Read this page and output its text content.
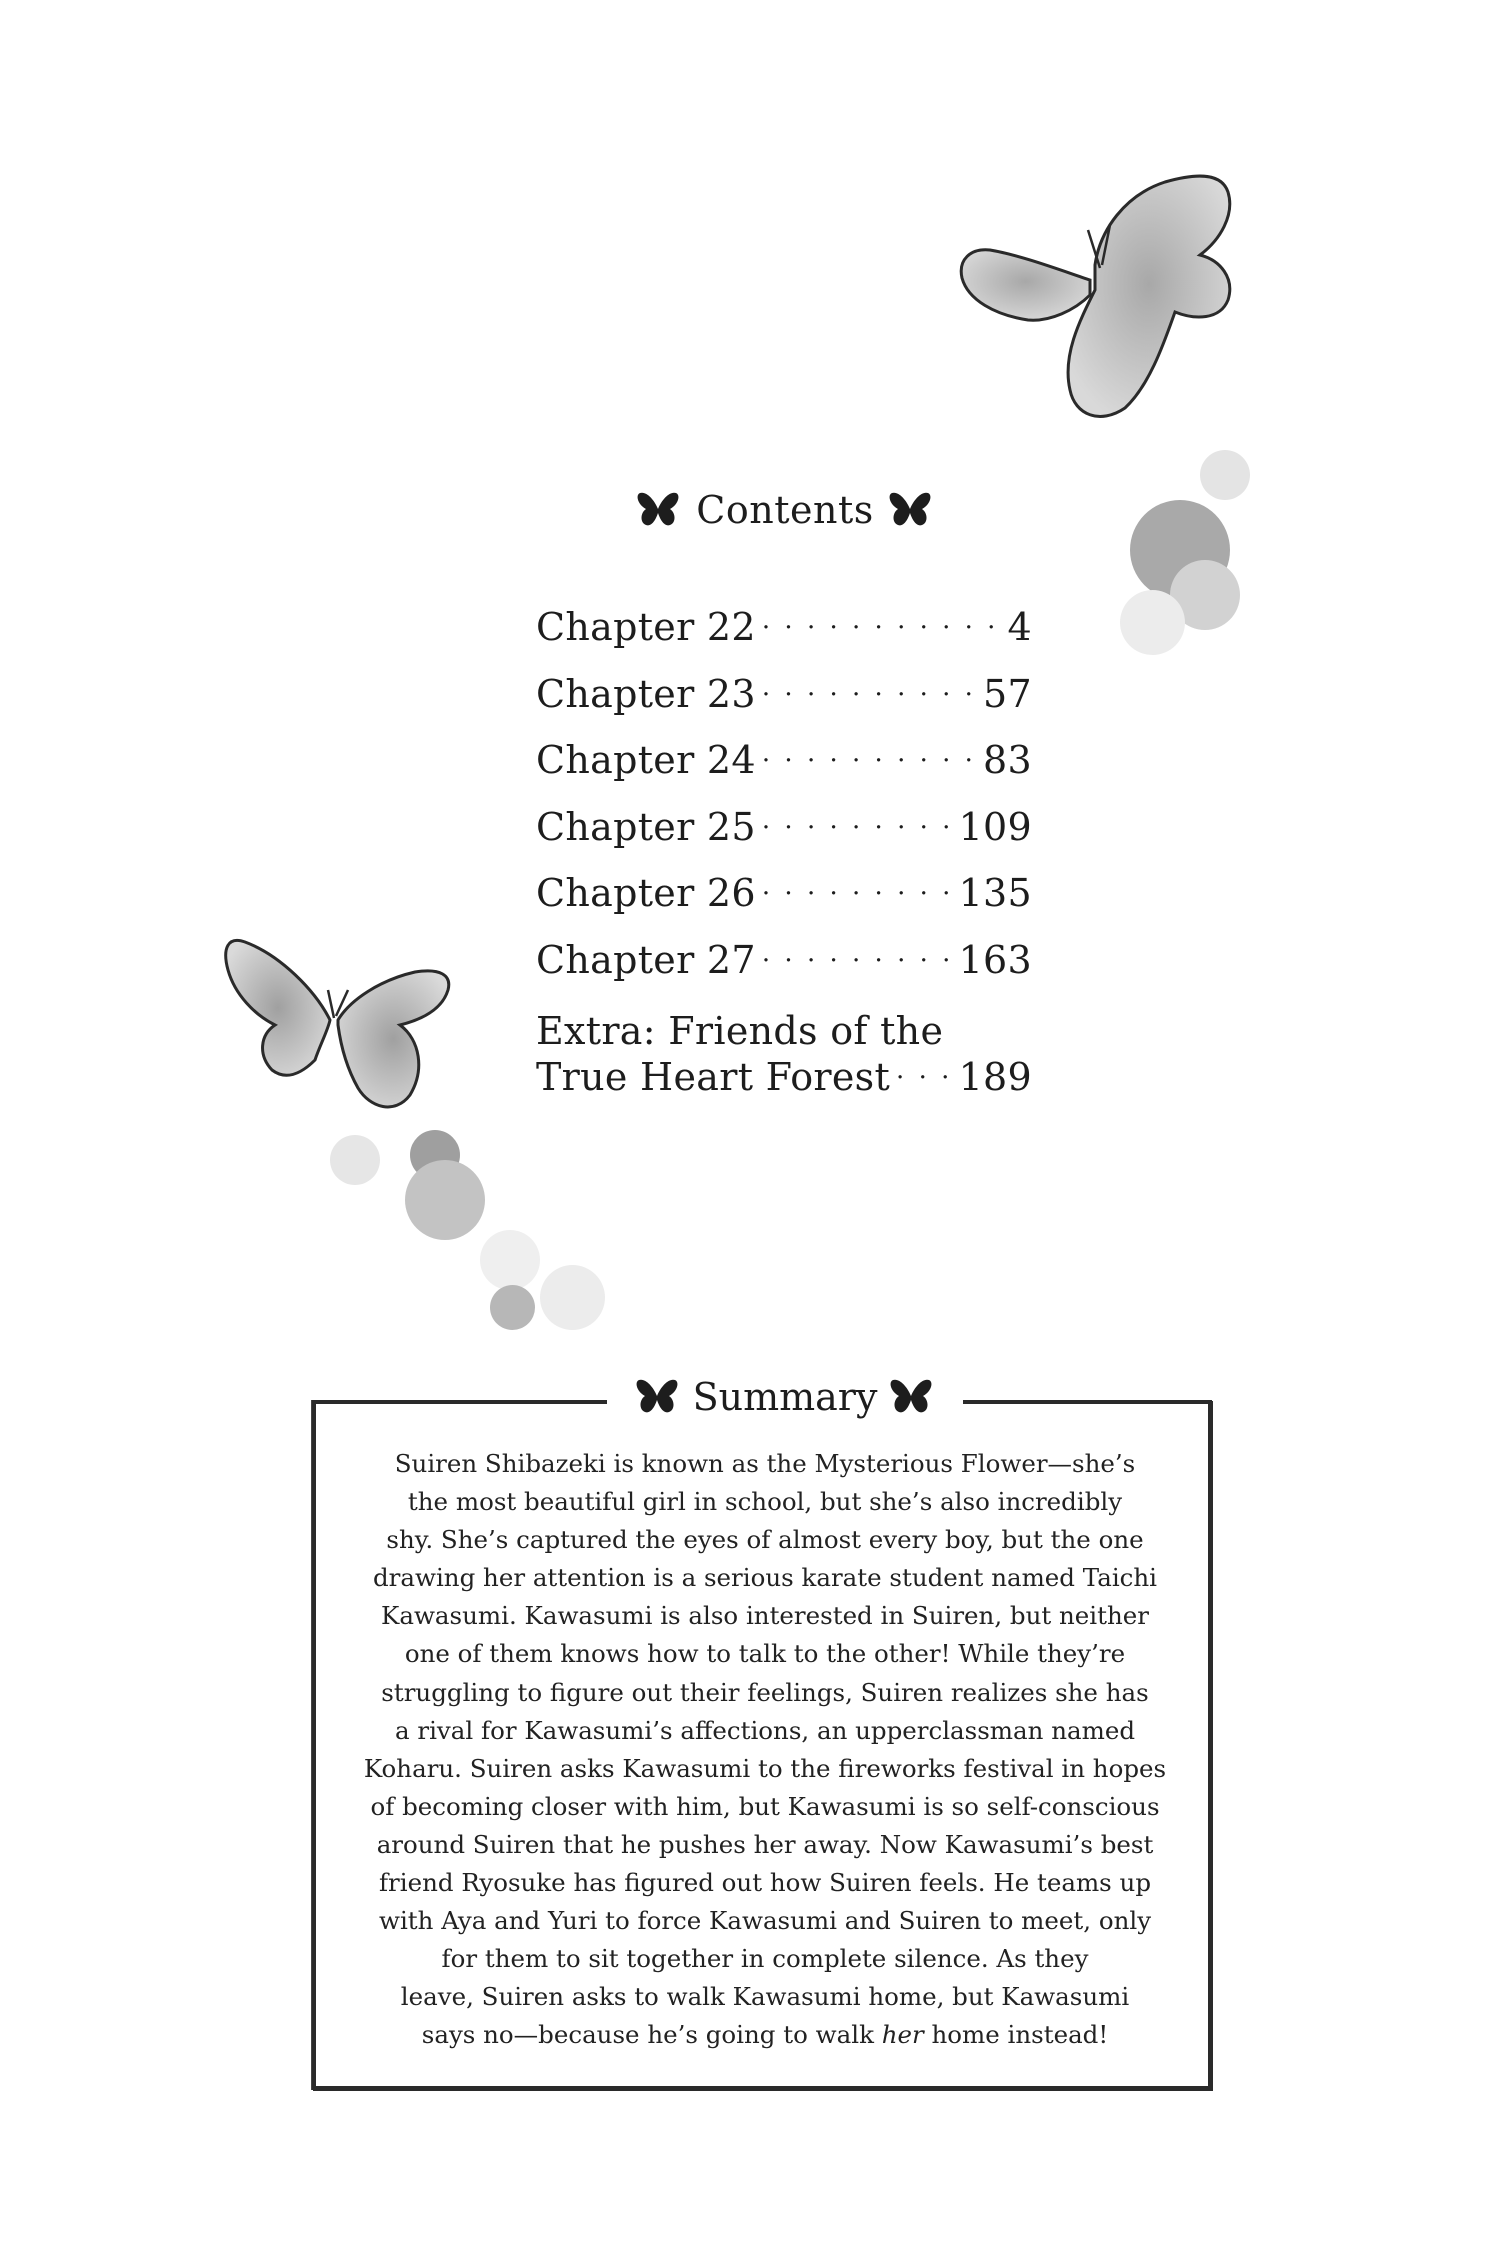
Contents
Chapter 22 · · ·	4
Chapter 23 · · ·	57
Chapter 24 · · ·	83
Chapter 25 · · ·	109
Chapter 26 · · ·	135
Chapter 27 · · ·	163
Extra: Friends of the
True Heart Forest · · · 189
Summary

Suiren Shibazeki is known as the Mysterious Flower—she’s

the most beautiful girl in school, but she’s also incredibly

shy. She’s captured the eyes of almost every boy, but the one

drawing her attention is a serious karate student named Taichi

Kawasumi. Kawasumi is also interested in Suiren, but neither

one of them knows how to talk to the other! While they’re

struggling to figure out their feelings, Suiren realizes she has

a rival for Kawasumi’s affections, an upperclassman named

Koharu. Suiren asks Kawasumi to the fireworks festival in hopes

of becoming closer with him, but Kawasumi is so self-conscious

around Suiren that he pushes her away. Now Kawasumi’s best

friend Ryosuke has figured out how Suiren feels. He teams up

with Aya and Yuri to force Kawasumi and Suiren to meet, only

for them to sit together in complete silence. As they

leave, Suiren asks to walk Kawasumi home, but Kawasumi

says no—because he’s going to walk her home instead!
